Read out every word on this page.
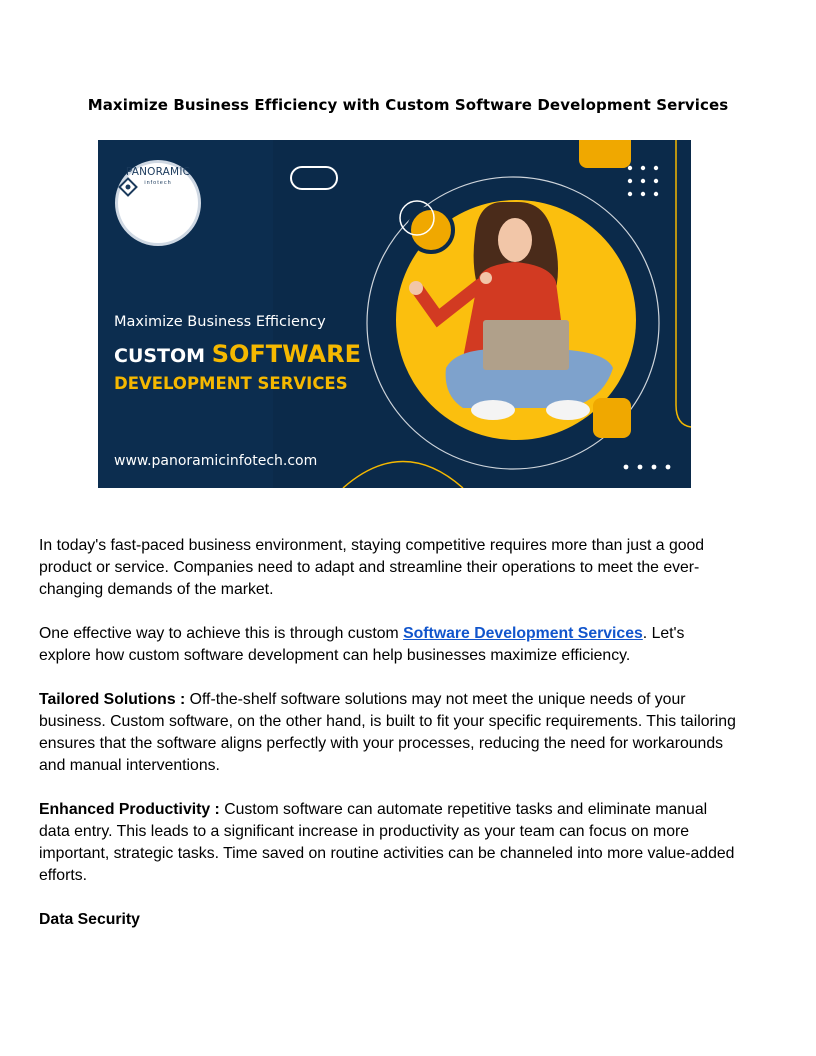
Maximize Business Efficiency with Custom Software Development Services
PANORAMIC
infotech
Maximize Business Efficiency
CUSTOM SOFTWARE
DEVELOPMENT SERVICES
www.panoramicinfotech.com

In today's fast-paced business environment, staying competitive requires more than just a good product or service. Companies need to adapt and streamline their operations to meet the ever-changing demands of the market.

One effective way to achieve this is through custom Software Development Services. Let's explore how custom software development can help businesses maximize efficiency.

Tailored Solutions : Off-the-shelf software solutions may not meet the unique needs of your business. Custom software, on the other hand, is built to fit your specific requirements. This tailoring ensures that the software aligns perfectly with your processes, reducing the need for workarounds and manual interventions.

Enhanced Productivity : Custom software can automate repetitive tasks and eliminate manual data entry. This leads to a significant increase in productivity as your team can focus on more important, strategic tasks. Time saved on routine activities can be channeled into more value-added efforts.

Data Security
